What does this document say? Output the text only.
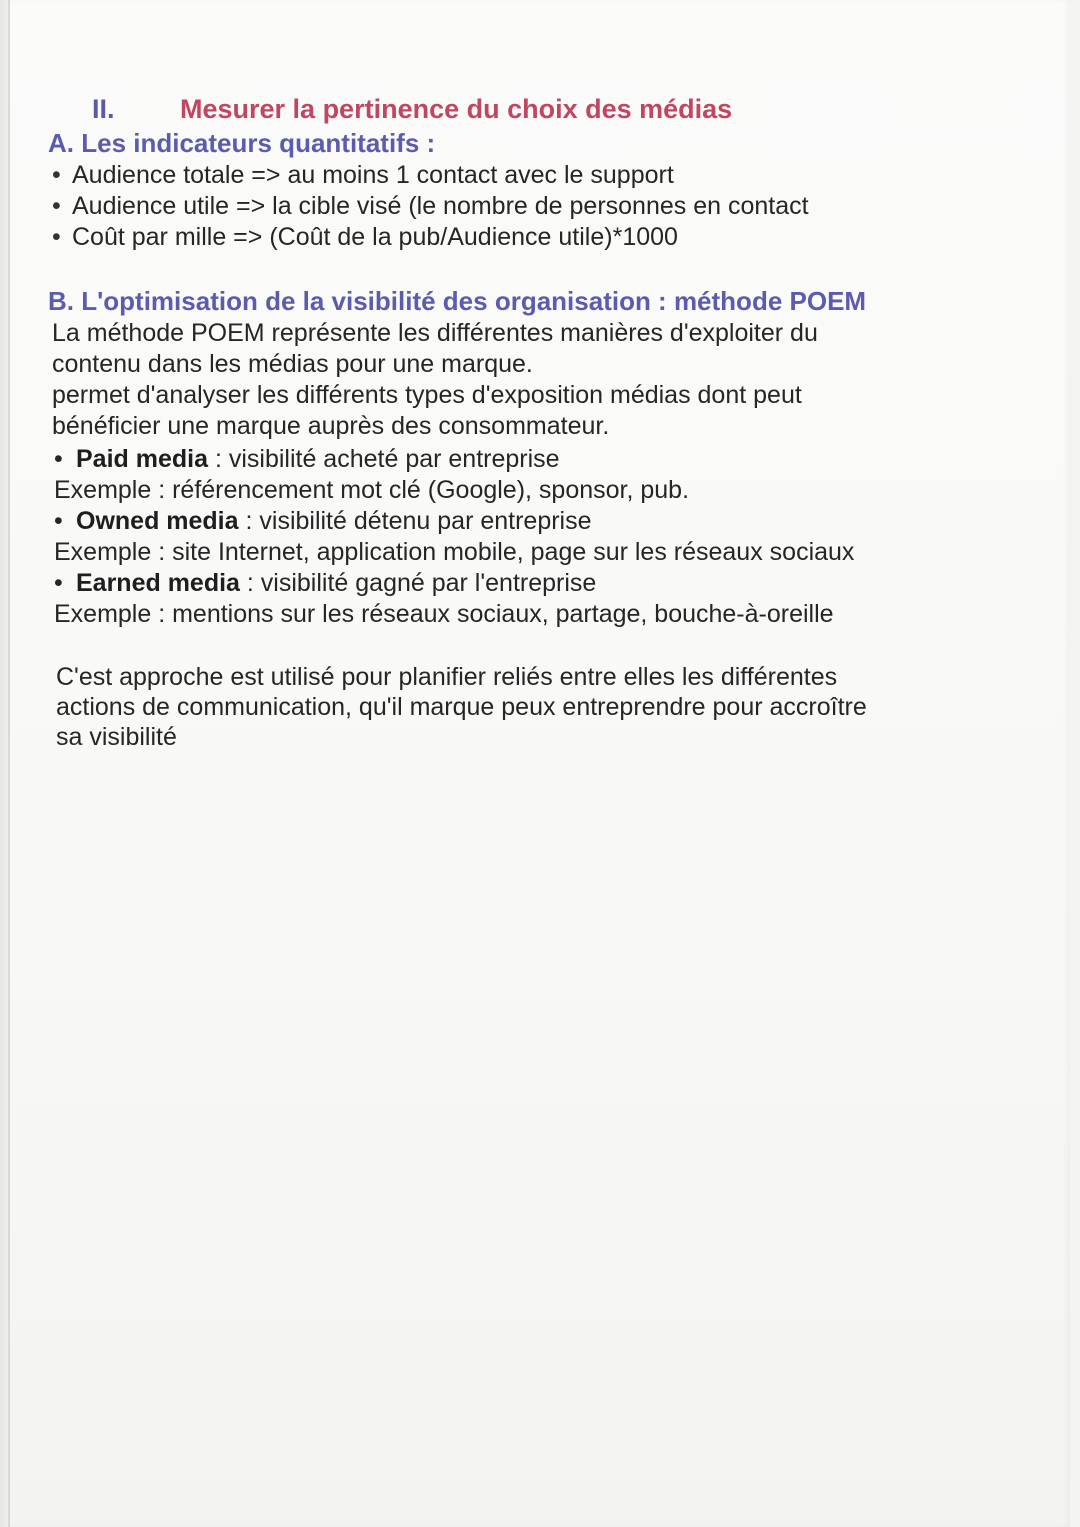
II. Mesurer la pertinence du choix des médias
A. Les indicateurs quantitatifs :
• Audience totale => au moins 1 contact avec le support
• Audience utile => la cible visé (le nombre de personnes en contact
• Coût par mille => (Coût de la pub/Audience utile)*1000
B. L'optimisation de la visibilité des organisation : méthode POEM
La méthode POEM représente les différentes manières d'exploiter du
contenu dans les médias pour une marque.
permet d'analyser les différents types d'exposition médias dont peut
bénéficier une marque auprès des consommateur.
• Paid media : visibilité acheté par entreprise
Exemple : référencement mot clé (Google), sponsor, pub.
• Owned media : visibilité détenu par entreprise
Exemple : site Internet, application mobile, page sur les réseaux sociaux
• Earned media : visibilité gagné par l'entreprise
Exemple : mentions sur les réseaux sociaux, partage, bouche-à-oreille
C'est approche est utilisé pour planifier reliés entre elles les différentes
actions de communication, qu'il marque peux entreprendre pour accroître
sa visibilité
